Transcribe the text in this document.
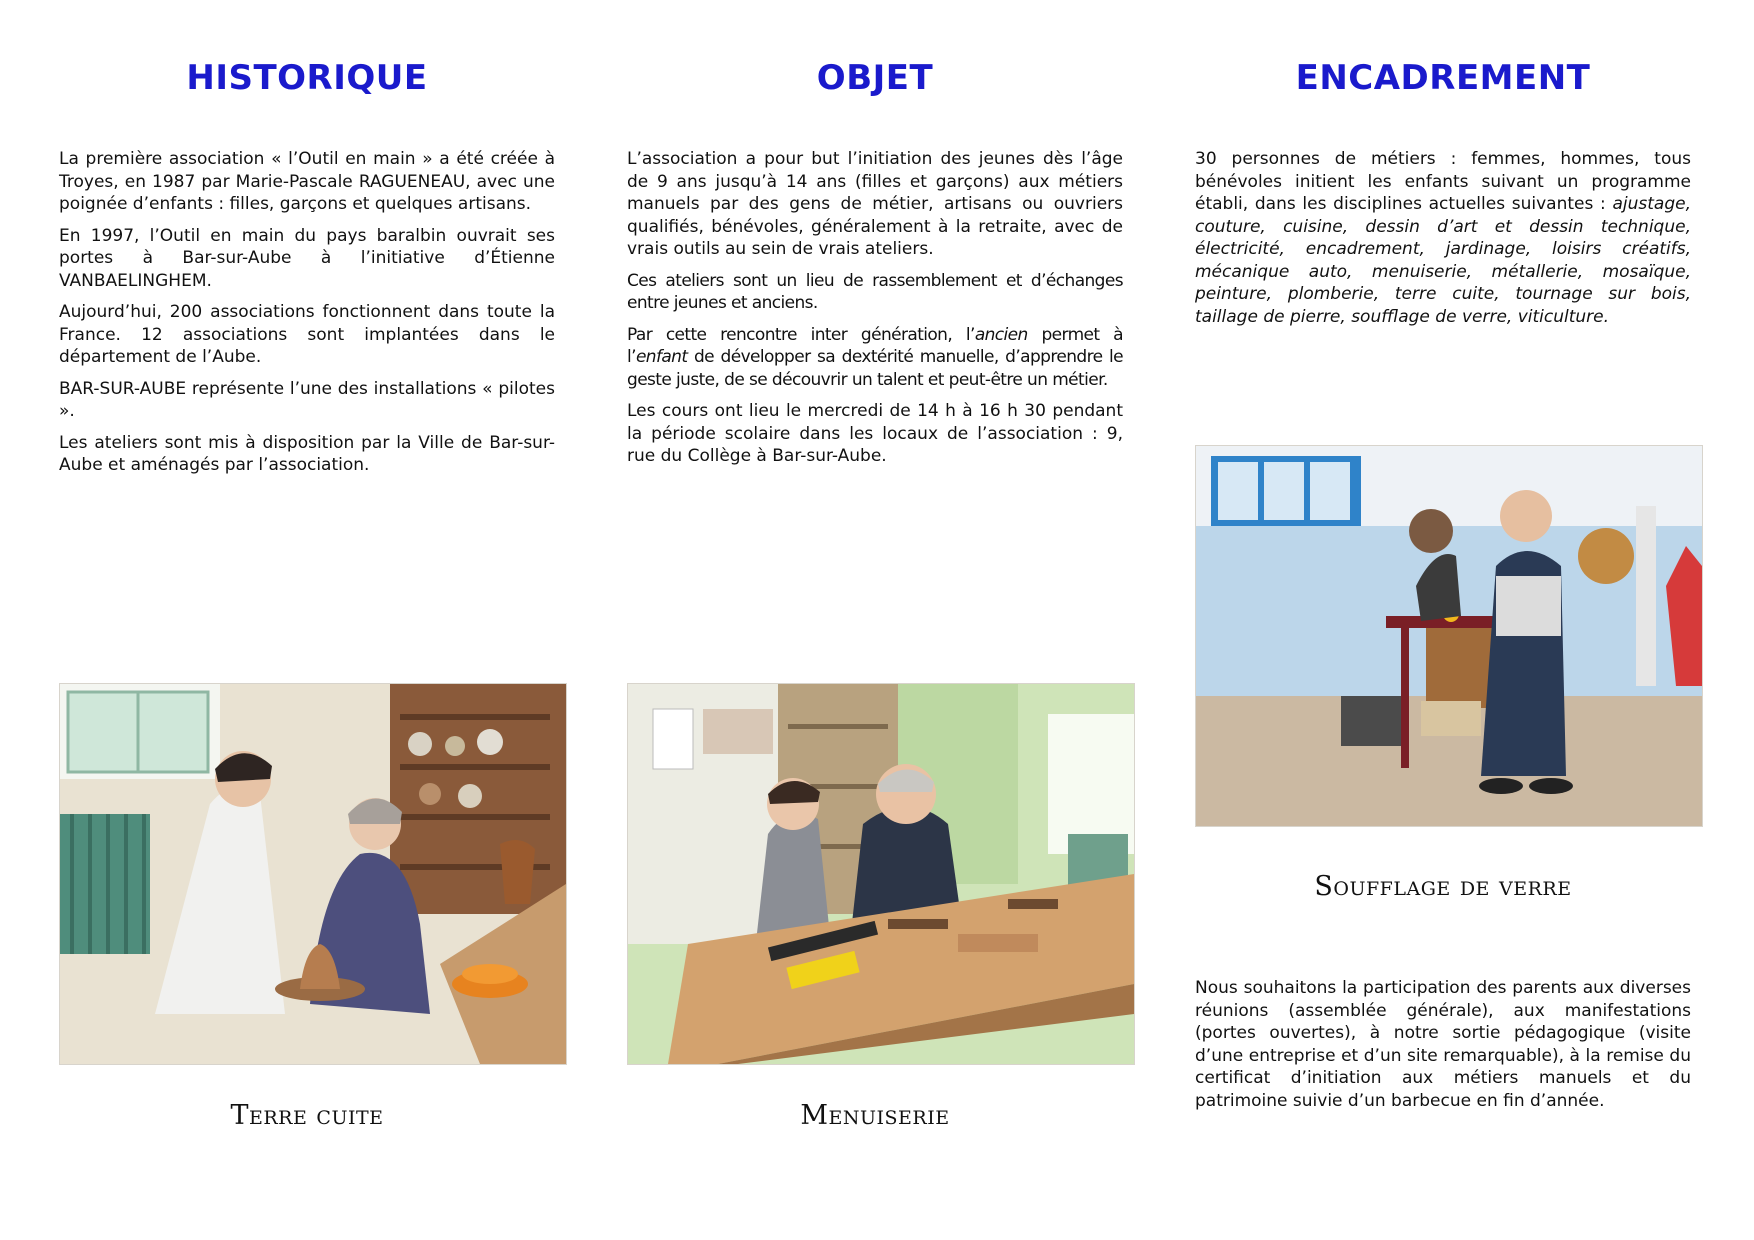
HISTORIQUE

La première association « l’Outil en main » a été créée à Troyes, en 1987 par Marie-Pascale RAGUENEAU, avec une poignée d’enfants : filles, garçons et quelques artisans.

En 1997, l’Outil en main du pays baralbin ouvrait ses portes à Bar-sur-Aube à l’initiative d’Étienne VANBAELINGHEM.

Aujourd’hui, 200 associations fonctionnent dans toute la France. 12 associations sont implantées dans le département de l’Aube.

BAR-SUR-AUBE représente l’une des installations « pilotes ».

Les ateliers sont mis à disposition par la Ville de Bar-sur-Aube et aménagés par l’association.

Terre cuite

OBJET

L’association a pour but l’initiation des jeunes dès l’âge de 9 ans jusqu’à 14 ans (filles et garçons) aux métiers manuels par des gens de métier, artisans ou ouvriers qualifiés, bénévoles, généralement à la retraite, avec de vrais outils au sein de vrais ateliers.

Ces ateliers sont un lieu de rassemblement et d’échanges entre jeunes et anciens.

Par cette rencontre inter génération, l’ancien permet à l’enfant de développer sa dextérité manuelle, d’apprendre le geste juste, de se découvrir un talent et peut-être un métier.

Les cours ont lieu le mercredi de 14 h à 16 h 30 pendant la période scolaire dans les locaux de l’association : 9, rue du Collège à Bar-sur-Aube.

Menuiserie

ENCADREMENT

30 personnes de métiers : femmes, hommes, tous bénévoles initient les enfants suivant un programme établi, dans les disciplines actuelles suivantes : ajustage, couture, cuisine, dessin d’art et dessin technique, électricité, encadrement, jardinage, loisirs créatifs, mécanique auto, menuiserie, métallerie, mosaïque, peinture, plomberie, terre cuite, tournage sur bois, taillage de pierre, soufflage de verre, viticulture.

Soufflage de verre

Nous souhaitons la participation des parents aux diverses réunions (assemblée générale), aux manifestations (portes ouvertes), à notre sortie pédagogique (visite d’une entreprise et d’un site remarquable), à la remise du certificat d’initiation aux métiers manuels et du patrimoine suivie d’un barbecue en fin d’année.
